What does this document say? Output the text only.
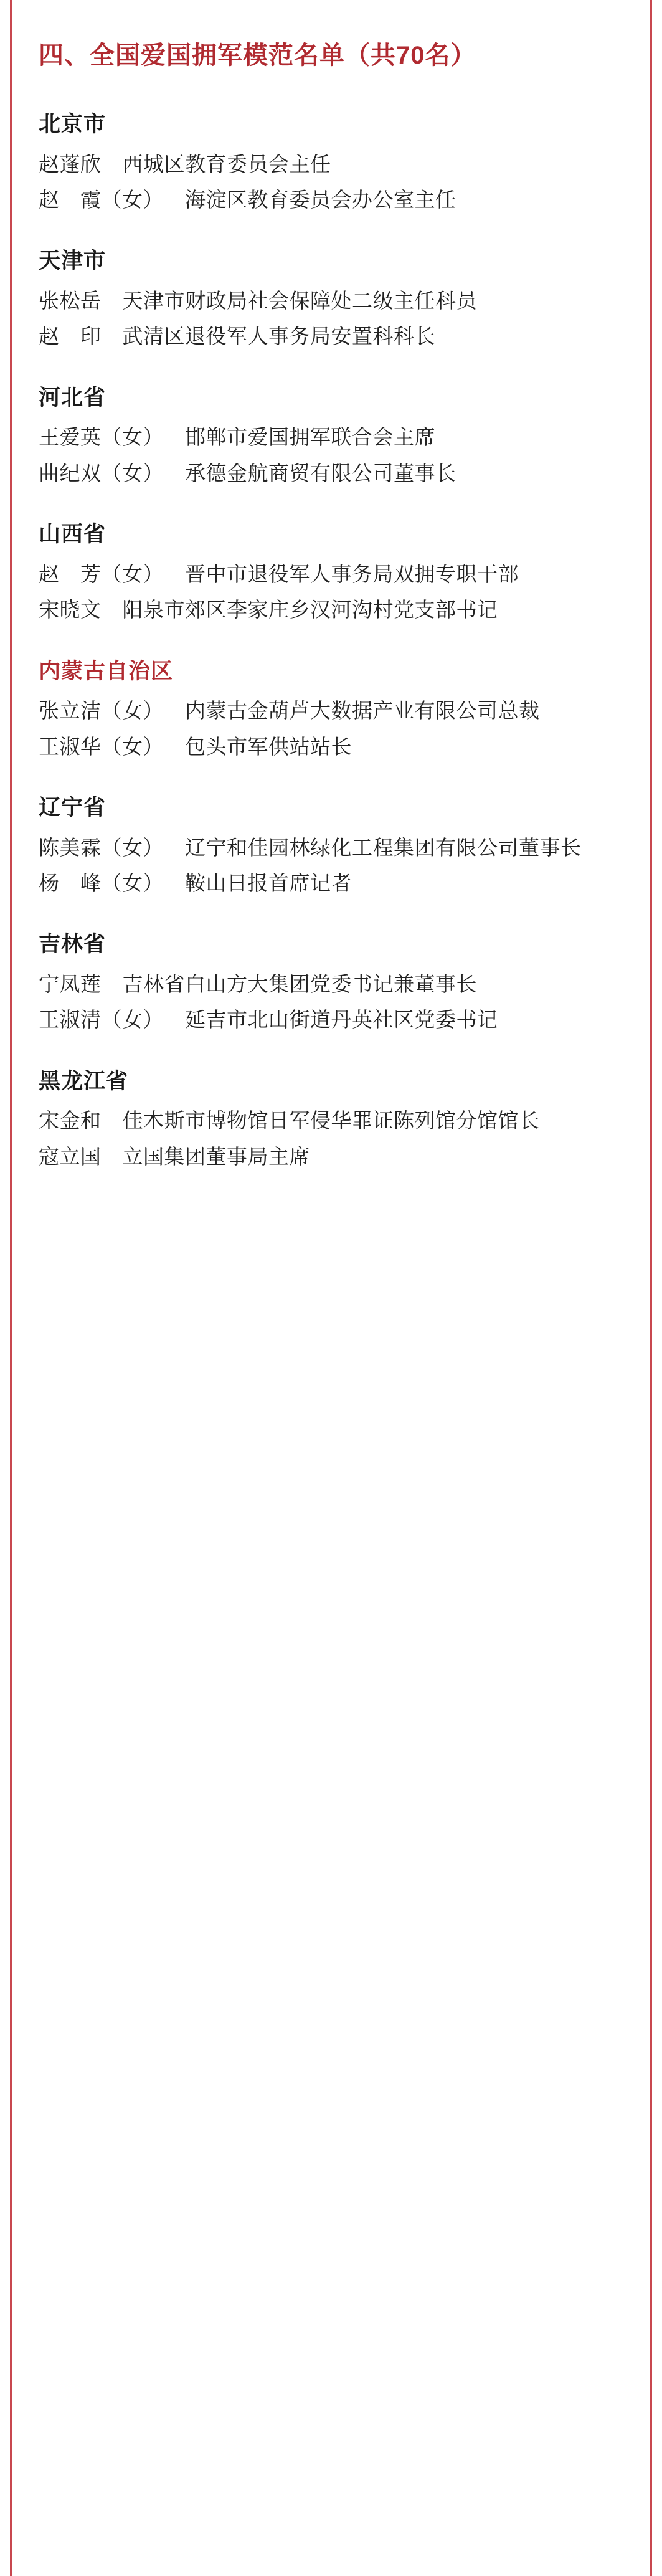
四、全国爱国拥军模范名单（共70名）
北京市
赵蓬欣 西城区教育委员会主任
赵　霞（女） 海淀区教育委员会办公室主任
天津市
张松岳 天津市财政局社会保障处二级主任科员
赵　印 武清区退役军人事务局安置科科长
河北省
王爱英（女） 邯郸市爱国拥军联合会主席
曲纪双（女） 承德金航商贸有限公司董事长
山西省
赵　芳（女） 晋中市退役军人事务局双拥专职干部
宋晓文 阳泉市郊区李家庄乡汉河沟村党支部书记
内蒙古自治区
张立洁（女） 内蒙古金葫芦大数据产业有限公司总裁
王淑华（女） 包头市军供站站长
辽宁省
陈美霖（女） 辽宁和佳园林绿化工程集团有限公司董事长
杨　峰（女） 鞍山日报首席记者
吉林省
宁凤莲 吉林省白山方大集团党委书记兼董事长
王淑清（女） 延吉市北山街道丹英社区党委书记
黑龙江省
宋金和 佳木斯市博物馆日军侵华罪证陈列馆分馆馆长
寇立国 立国集团董事局主席
